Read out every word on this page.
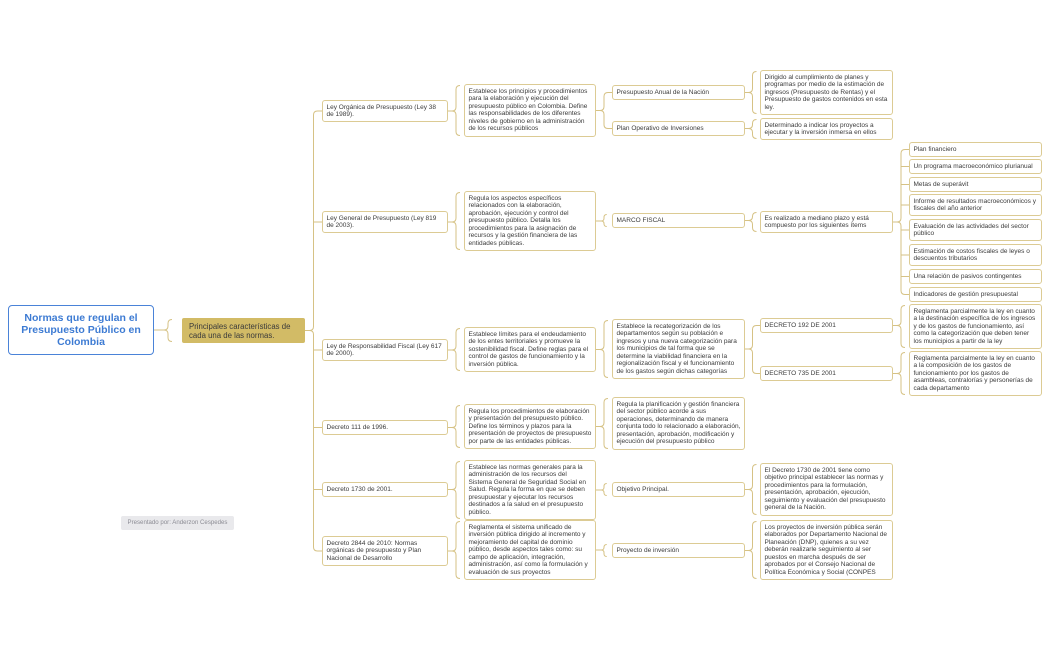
Normas que regulan el Presupuesto Público en Colombia
Principales características de cada una de las normas.
Ley Orgánica de Presupuesto (Ley 38 de 1989).
Ley General de Presupuesto (Ley 819 de 2003).
Ley de Responsabilidad Fiscal (Ley 617 de 2000).
Decreto 111 de 1996.
Decreto 1730 de 2001.
Decreto 2844 de 2010: Normas orgánicas de presupuesto y Plan Nacional de Desarrollo
Establece los principios y procedimientos para la elaboración y ejecución del presupuesto público en Colombia. Define las responsabilidades de los diferentes niveles de gobierno en la administración de los recursos públicos
Regula los aspectos específicos relacionados con la elaboración, aprobación, ejecución y control del presupuesto público. Detalla los procedimientos para la asignación de recursos y la gestión financiera de las entidades públicas.
Establece límites para el endeudamiento de los entes territoriales y promueve la sostenibilidad fiscal. Define reglas para el control de gastos de funcionamiento y la inversión pública.
Regula los procedimientos de elaboración y presentación del presupuesto público. Define los términos y plazos para la presentación de proyectos de presupuesto por parte de las entidades públicas.
Establece las normas generales para la administración de los recursos del Sistema General de Seguridad Social en Salud. Regula la forma en que se deben presupuestar y ejecutar los recursos destinados a la salud en el presupuesto público.
Reglamenta el sistema unificado de inversión pública dirigido al incremento y mejoramiento del capital de dominio público, desde aspectos tales como: su campo de aplicación, integración, administración, así como la formulación y evaluación de sus proyectos
Presupuesto Anual de la Nación
Plan Operativo de Inversiones
MARCO FISCAL
Establece la recategorización de los departamentos según su población e ingresos y una nueva categorización para los municipios de tal forma que se determine la viabilidad financiera en la regionalización fiscal y el funcionamiento de los gastos según dichas categorías
Regula la planificación y gestión financiera del sector público acorde a sus operaciones, determinando de manera conjunta todo lo relacionado a elaboración, presentación, aprobación, modificación y ejecución del presupuesto público
Objetivo Principal.
Proyecto de inversión
Dirigido al cumplimiento de planes y programas por medio de la estimación de ingresos (Presupuesto de Rentas) y el Presupuesto de gastos contenidos en esta ley.
Determinado a indicar los proyectos a ejecutar y la inversión inmersa en ellos
Es realizado a mediano plazo y está compuesto por los siguientes ítems
DECRETO 192 DE 2001
DECRETO 735 DE 2001
El Decreto 1730 de 2001 tiene como objetivo principal establecer las normas y procedimientos para la formulación, presentación, aprobación, ejecución, seguimiento y evaluación del presupuesto general de la Nación.
Los proyectos de inversión pública serán elaborados por Departamento Nacional de Planeación (DNP), quienes a su vez deberán realizarle seguimiento al ser puestos en marcha después de ser aprobados por el Consejo Nacional de Política Económica y Social (CONPES
Plan financiero
Un programa macroeconómico plurianual
Metas de superávit
Informe de resultados macroeconómicos y fiscales del año anterior
Evaluación de las actividades del sector público
Estimación de costos fiscales de leyes o descuentos tributarios
Una relación de pasivos contingentes
Indicadores de gestión presupuestal
Reglamenta parcialmente la ley en cuanto a la destinación específica de los ingresos y de los gastos de funcionamiento, así como la categorización que deben tener los municipios a partir de la ley
Reglamenta parcialmente la ley en cuanto a la composición de los gastos de funcionamiento por los gastos de asambleas, contralorías y personerías de cada departamento
Presentado por: Anderzon Cespedes
